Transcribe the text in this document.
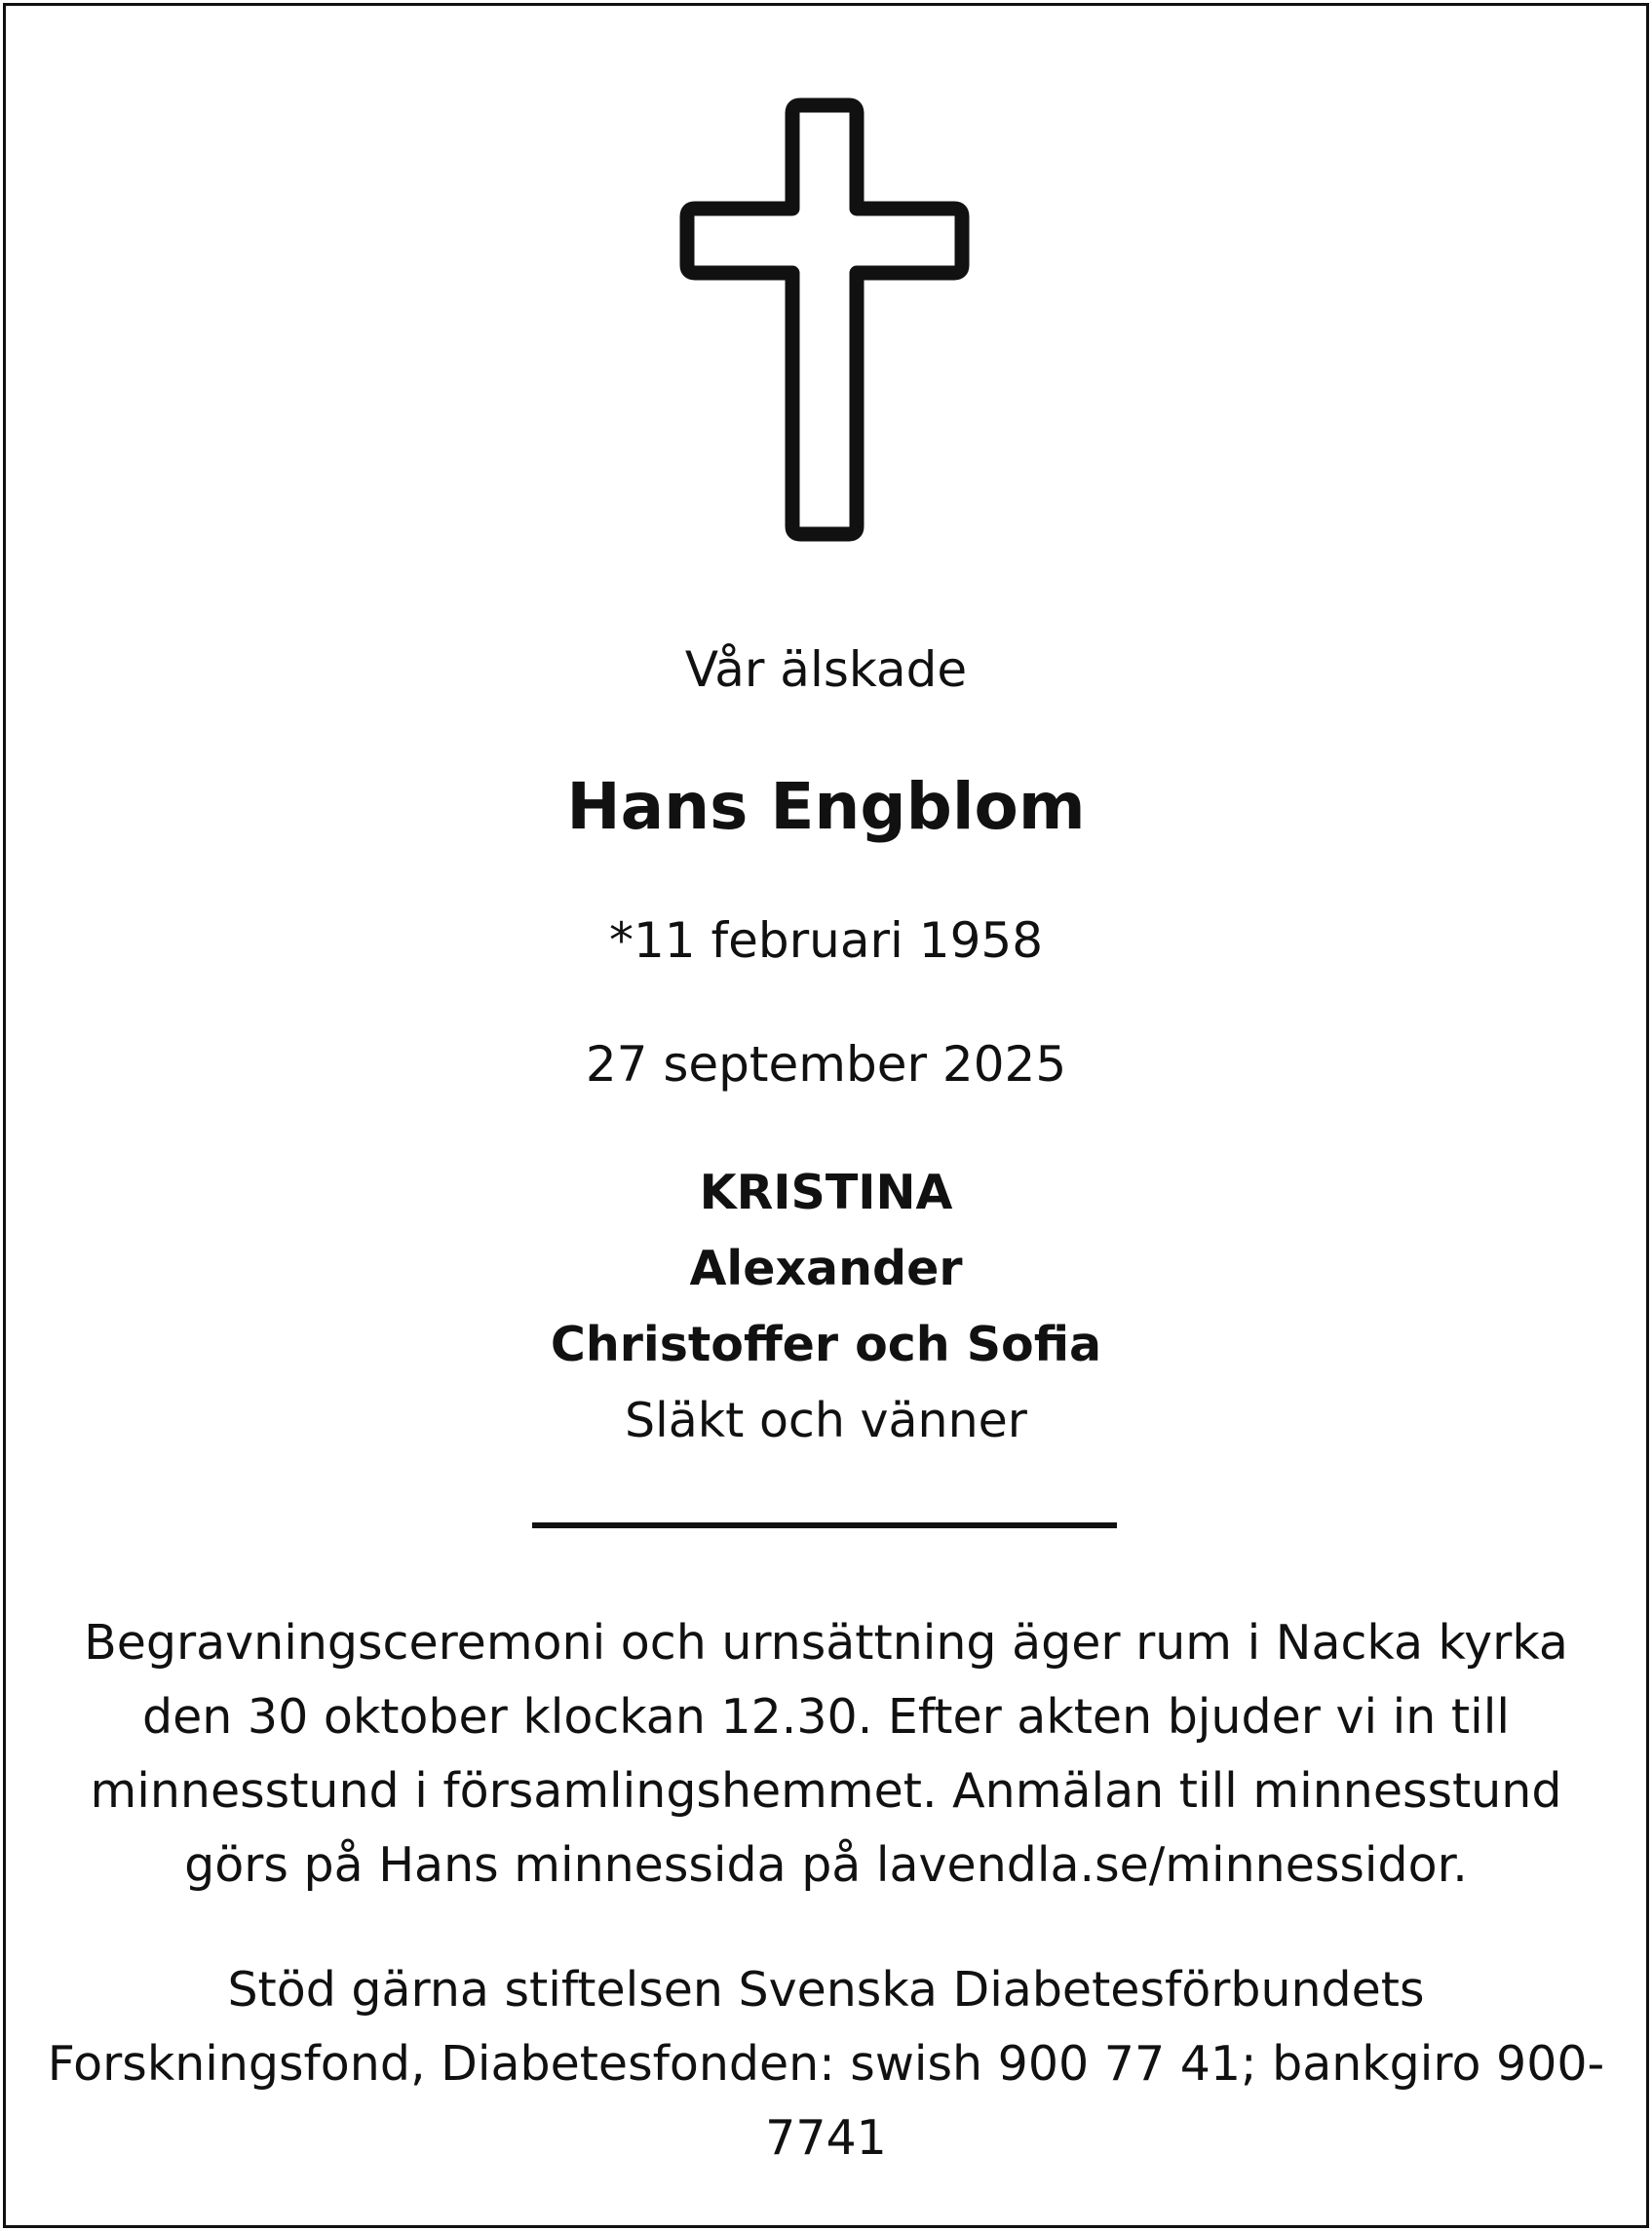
Vår älskade
Hans Engblom
*11 februari 1958
27 september 2025
KRISTINA
Alexander
Christoffer och Sofia
Släkt och vänner
Begravningsceremoni och urnsättning äger rum i Nacka kyrka
den 30 oktober klockan 12.30. Efter akten bjuder vi in till
minnesstund i församlingshemmet. Anmälan till minnesstund
görs på Hans minnessida på lavendla.se/minnessidor.
Stöd gärna stiftelsen Svenska Diabetesförbundets
Forskningsfond, Diabetesfonden: swish 900 77 41; bankgiro 900-
7741
